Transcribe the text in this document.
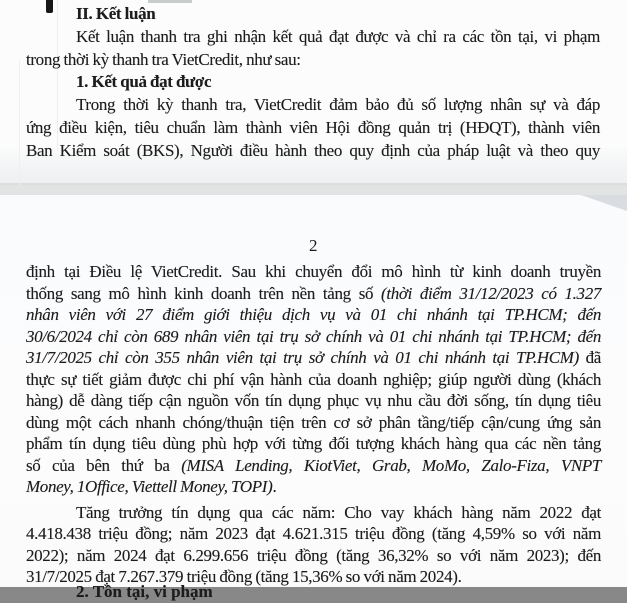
II. Kết luận
Kết luận thanh tra ghi nhận kết quả đạt được và chỉ ra các tồn tại, vi phạm
trong thời kỳ thanh tra VietCredit, như sau:
1. Kết quả đạt được
Trong thời kỳ thanh tra, VietCredit đảm bảo đủ số lượng nhân sự và đáp
ứng điều kiện, tiêu chuẩn làm thành viên Hội đồng quản trị (HĐQT), thành viên
Ban Kiểm soát (BKS), Người điều hành theo quy định của pháp luật và theo quy
2
định tại Điều lệ VietCredit. Sau khi chuyển đổi mô hình từ kinh doanh truyền
thống sang mô hình kinh doanh trên nền tảng số (thời điểm 31/12/2023 có 1.327
nhân viên với 27 điểm giới thiệu dịch vụ và 01 chi nhánh tại TP.HCM; đến
30/6/2024 chỉ còn 689 nhân viên tại trụ sở chính và 01 chi nhánh tại TP.HCM; đến
31/7/2025 chỉ còn 355 nhân viên tại trụ sở chính và 01 chi nhánh tại TP.HCM) đã
thực sự tiết giảm được chi phí vận hành của doanh nghiệp; giúp người dùng (khách
hàng) dễ dàng tiếp cận nguồn vốn tín dụng phục vụ nhu cầu đời sống, tín dụng tiêu
dùng một cách nhanh chóng/thuận tiện trên cơ sở phân tầng/tiếp cận/cung ứng sản
phẩm tín dụng tiêu dùng phù hợp với từng đối tượng khách hàng qua các nền tảng
số của bên thứ ba (MISA Lending, KiotViet, Grab, MoMo, Zalo-Fiza, VNPT
Money, 1Office, Viettell Money, TOPI).
Tăng trưởng tín dụng qua các năm: Cho vay khách hàng năm 2022 đạt
4.418.438 triệu đồng; năm 2023 đạt 4.621.315 triệu đồng (tăng 4,59% so với năm
2022); năm 2024 đạt 6.299.656 triệu đồng (tăng 36,32% so với năm 2023); đến
31/7/2025 đạt 7.267.379 triệu đồng (tăng 15,36% so với năm 2024).
2. Tồn tại, vi phạm
